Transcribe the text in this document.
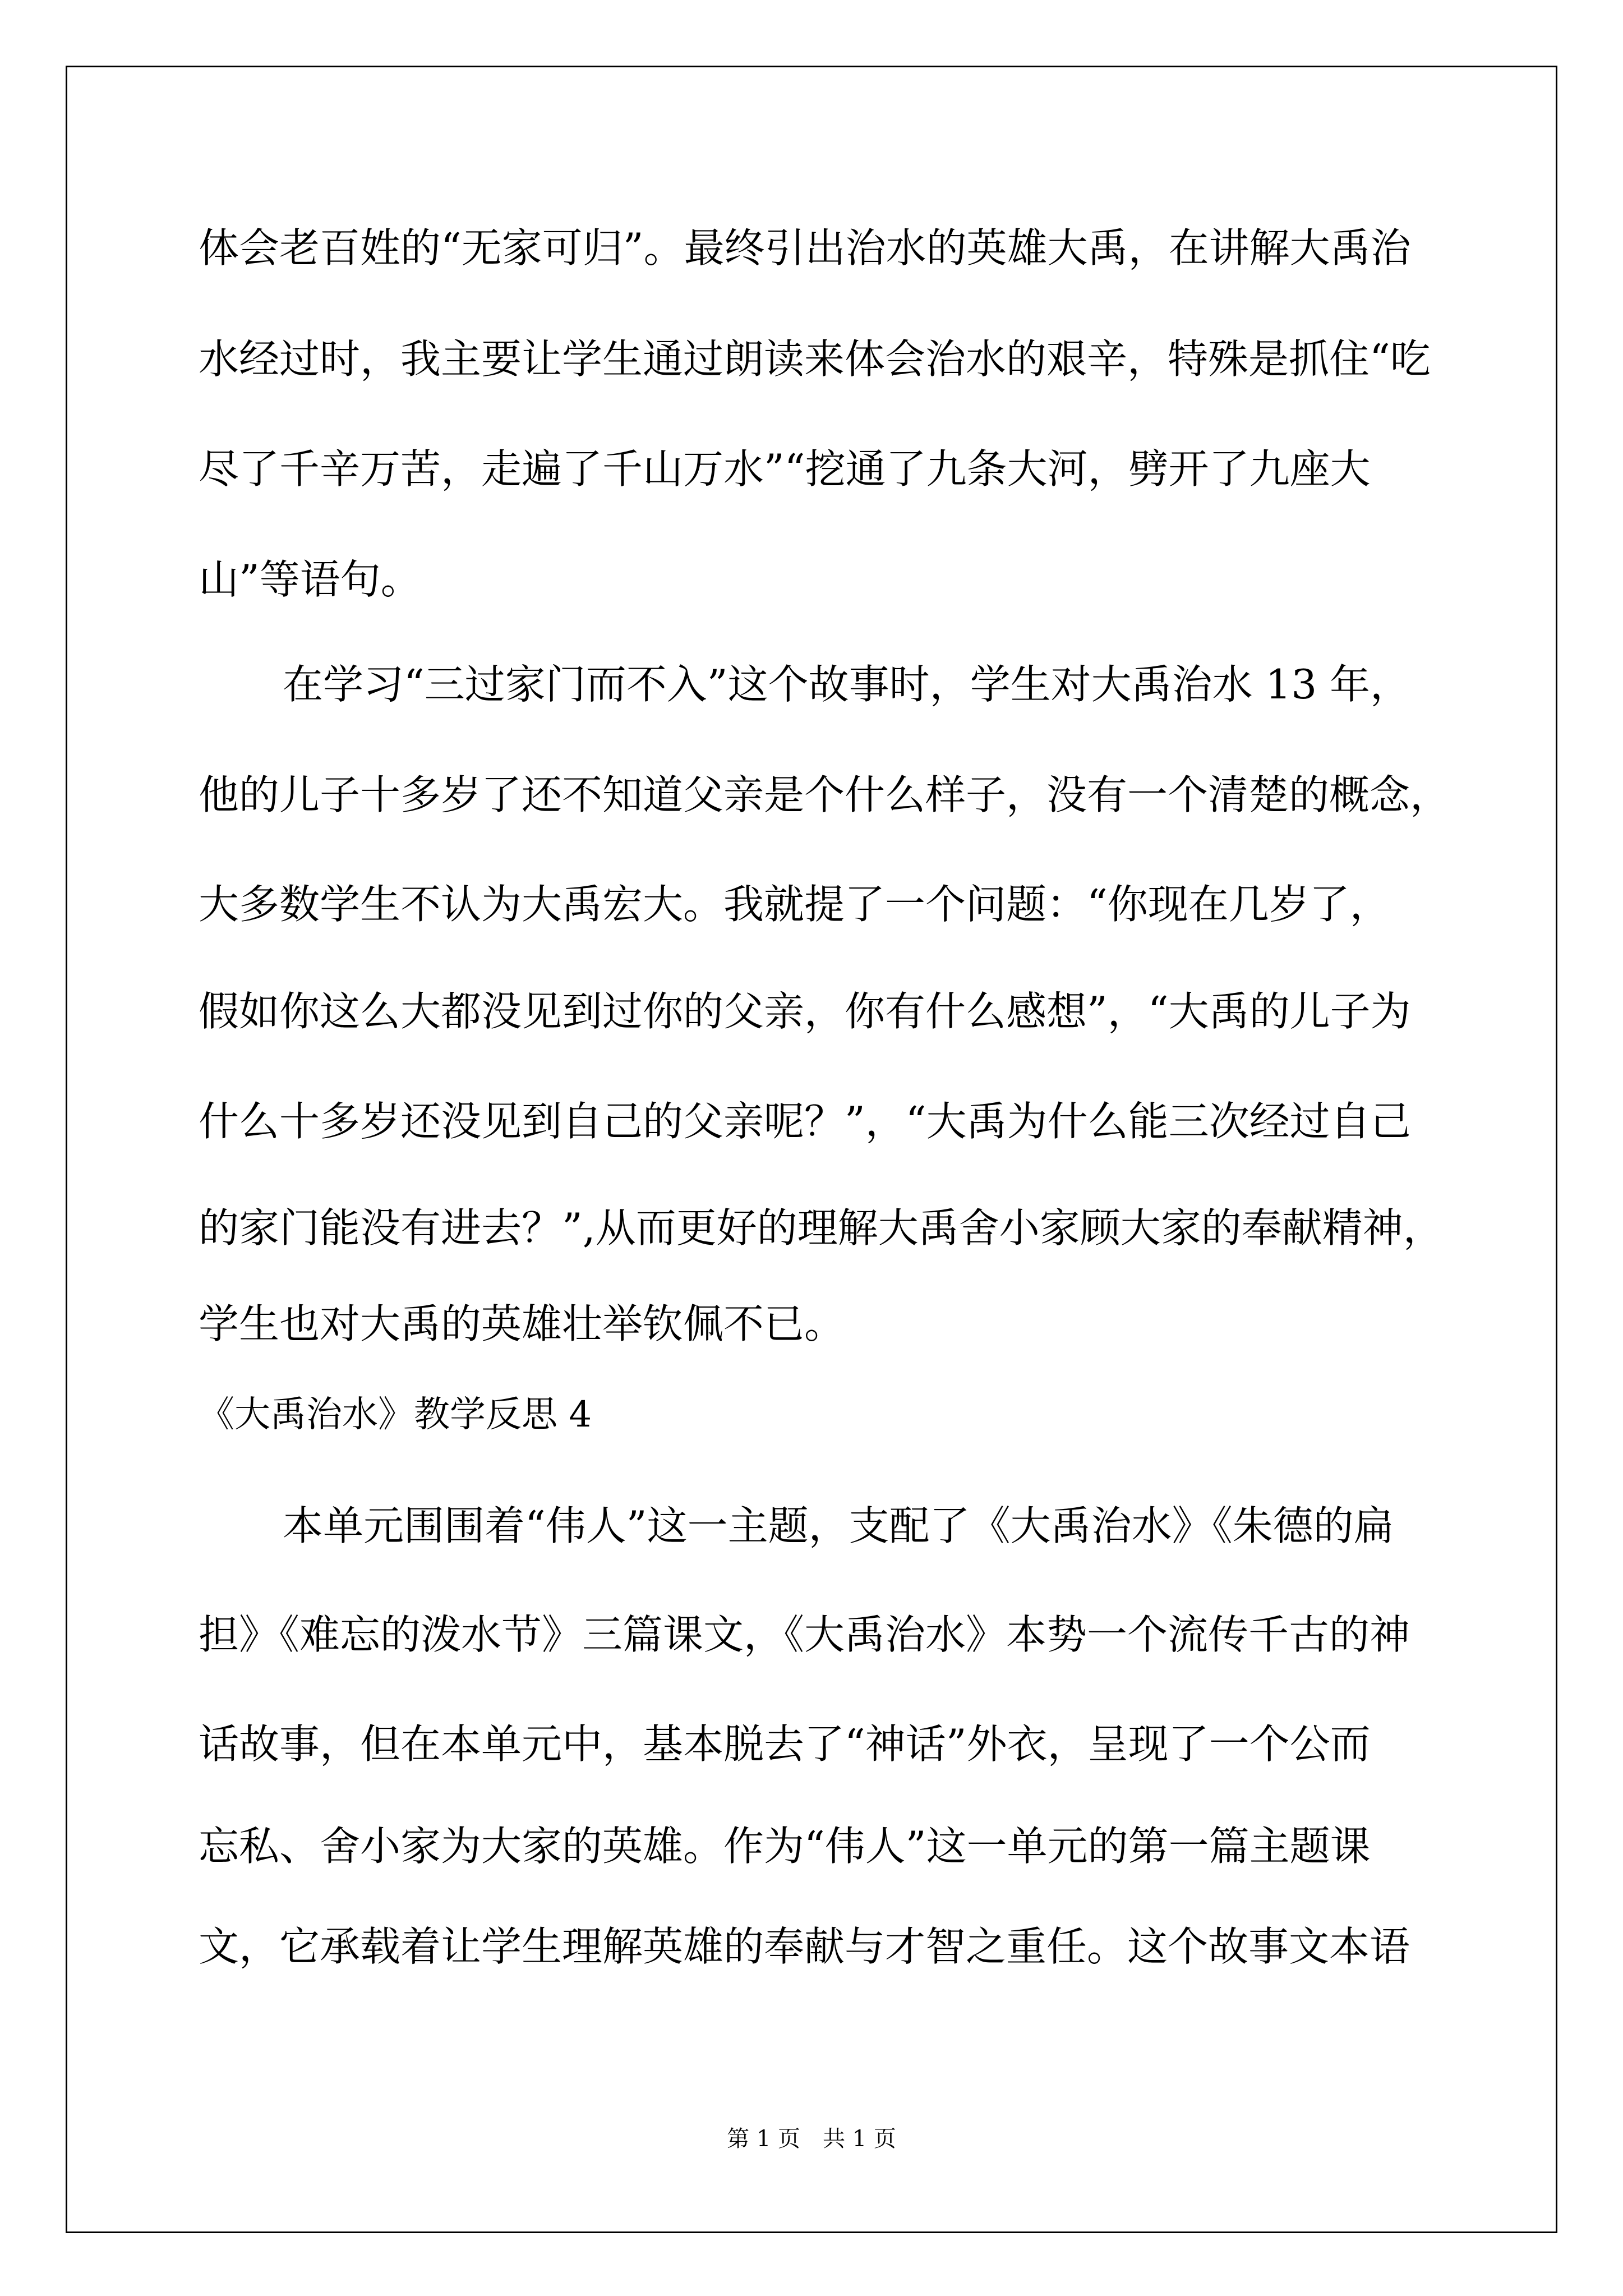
体会老百姓的“无家可归”。最终引出治水的英雄大禹，在讲解大禹治
水经过时，我主要让学生通过朗读来体会治水的艰辛，特殊是抓住“吃
尽了千辛万苦，走遍了千山万水”“挖通了九条大河，劈开了九座大
山”等语句。
在学习“三过家门而不入”这个故事时，学生对大禹治水 13 年，
他的儿子十多岁了还不知道父亲是个什么样子，没有一个清楚的概念，
大多数学生不认为大禹宏大。我就提了一个问题：“你现在几岁了，
假如你这么大都没见到过你的父亲，你有什么感想”，“大禹的儿子为
什么十多岁还没见到自己的父亲呢？”，“大禹为什么能三次经过自己
的家门能没有进去？”,从而更好的理解大禹舍小家顾大家的奉献精神，
学生也对大禹的英雄壮举钦佩不已。
《大禹治水》教学反思 4
本单元围围着“伟人”这一主题，支配了《大禹治水》《朱德的扁
担》《难忘的泼水节》三篇课文，《大禹治水》本势一个流传千古的神
话故事，但在本单元中，基本脱去了“神话”外衣，呈现了一个公而
忘私、舍小家为大家的英雄。作为“伟人”这一单元的第一篇主题课
文，它承载着让学生理解英雄的奉献与才智之重任。这个故事文本语
第 1 页　共 1 页
